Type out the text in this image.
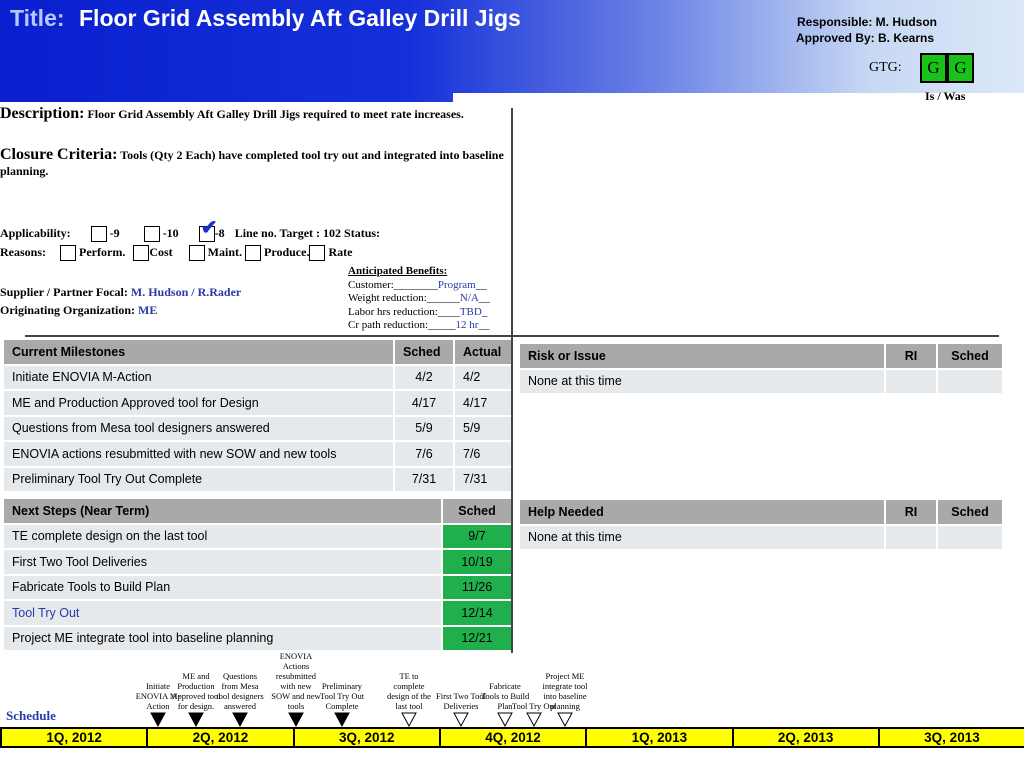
Title: Floor Grid Assembly Aft Galley Drill Jigs	Responsible: M. Hudson
Approved By: B. Kearns
GTG:	G G
Is / Was
Description: Floor Grid Assembly Aft Galley Drill Jigs required to meet rate increases.
Closure Criteria: Tools (Qty 2 Each) have completed tool try out and integrated into baseline planning.
Applicability:	-9	-10 ✔
-8 Line no. Target : 102 Status:
Reasons:	Perform. Cost	Maint. Produce. Rate
Anticipated Benefits:
Customer:________Program__
Weight reduction:______N/A__
Labor hrs reduction:____TBD_
Cr path reduction:_____12 hr__
Supplier / Partner Focal: M. Hudson / R.Rader
Originating Organization: ME
Current Milestones	Sched	Actual
Initiate ENOVIA M-Action	4/2	4/2
ME and Production Approved tool for Design	4/17	4/17
Questions from Mesa tool designers answered	5/9	5/9
ENOVIA actions resubmitted with new SOW and new tools	7/6	7/6
Preliminary Tool Try Out Complete	7/31	7/31
Next Steps (Near Term)	Sched
TE complete design on the last tool	9/7
First Two Tool Deliveries	10/19
Fabricate Tools to Build Plan	11/26
Tool Try Out	12/14
Project ME integrate tool into baseline planning	12/21
Risk or Issue	RI	Sched
None at this time		
Help Needed	RI	Sched
None at this time		
Schedule
Initiate ENOVIA M-Action
ME and Production Approved tool for design.
Questions from Mesa tool designers answered
ENOVIA Actions resubmitted with new SOW and new tools
Preliminary Tool Try Out Complete
TE to complete design of the last tool
First Two Tool Deliveries
Fabricate Tools to Build Plan Tool Try Out
Project ME integrate tool into baseline planning
1Q, 2012	2Q, 2012	3Q, 2012	4Q, 2012	1Q, 2013	2Q, 2013	3Q, 2013
